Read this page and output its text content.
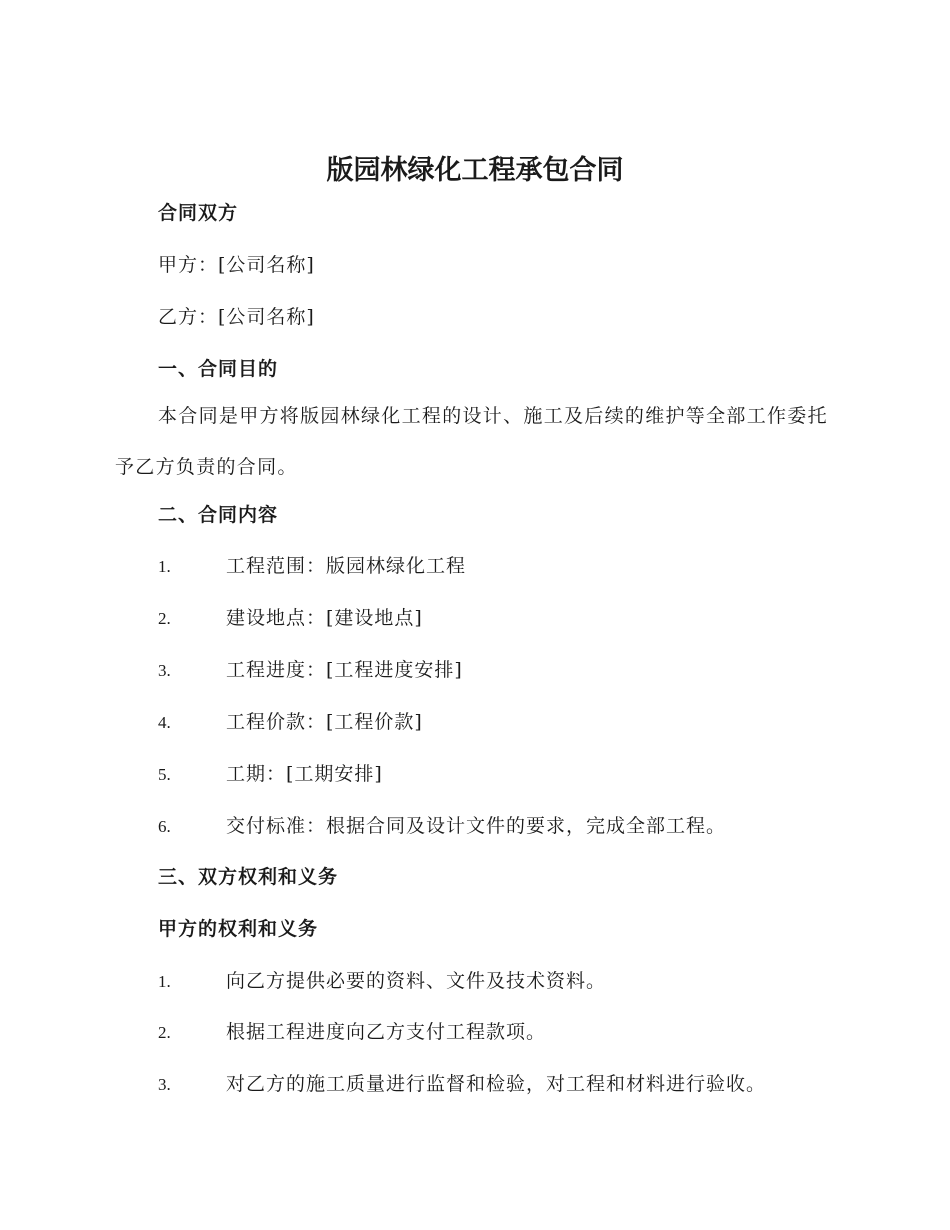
版园林绿化工程承包合同
合同双方
甲方：[公司名称]
乙方：[公司名称]
一、合同目的
本合同是甲方将版园林绿化工程的设计、施工及后续的维护等全部工作委托予乙方负责的合同。
二、合同内容
1.	工程范围：版园林绿化工程
2.	建设地点：[建设地点]
3.	工程进度：[工程进度安排]
4.	工程价款：[工程价款]
5.	工期：[工期安排]
6.	交付标准：根据合同及设计文件的要求，完成全部工程。
三、双方权利和义务
甲方的权利和义务
1.	向乙方提供必要的资料、文件及技术资料。
2.	根据工程进度向乙方支付工程款项。
3.	对乙方的施工质量进行监督和检验，对工程和材料进行验收。
